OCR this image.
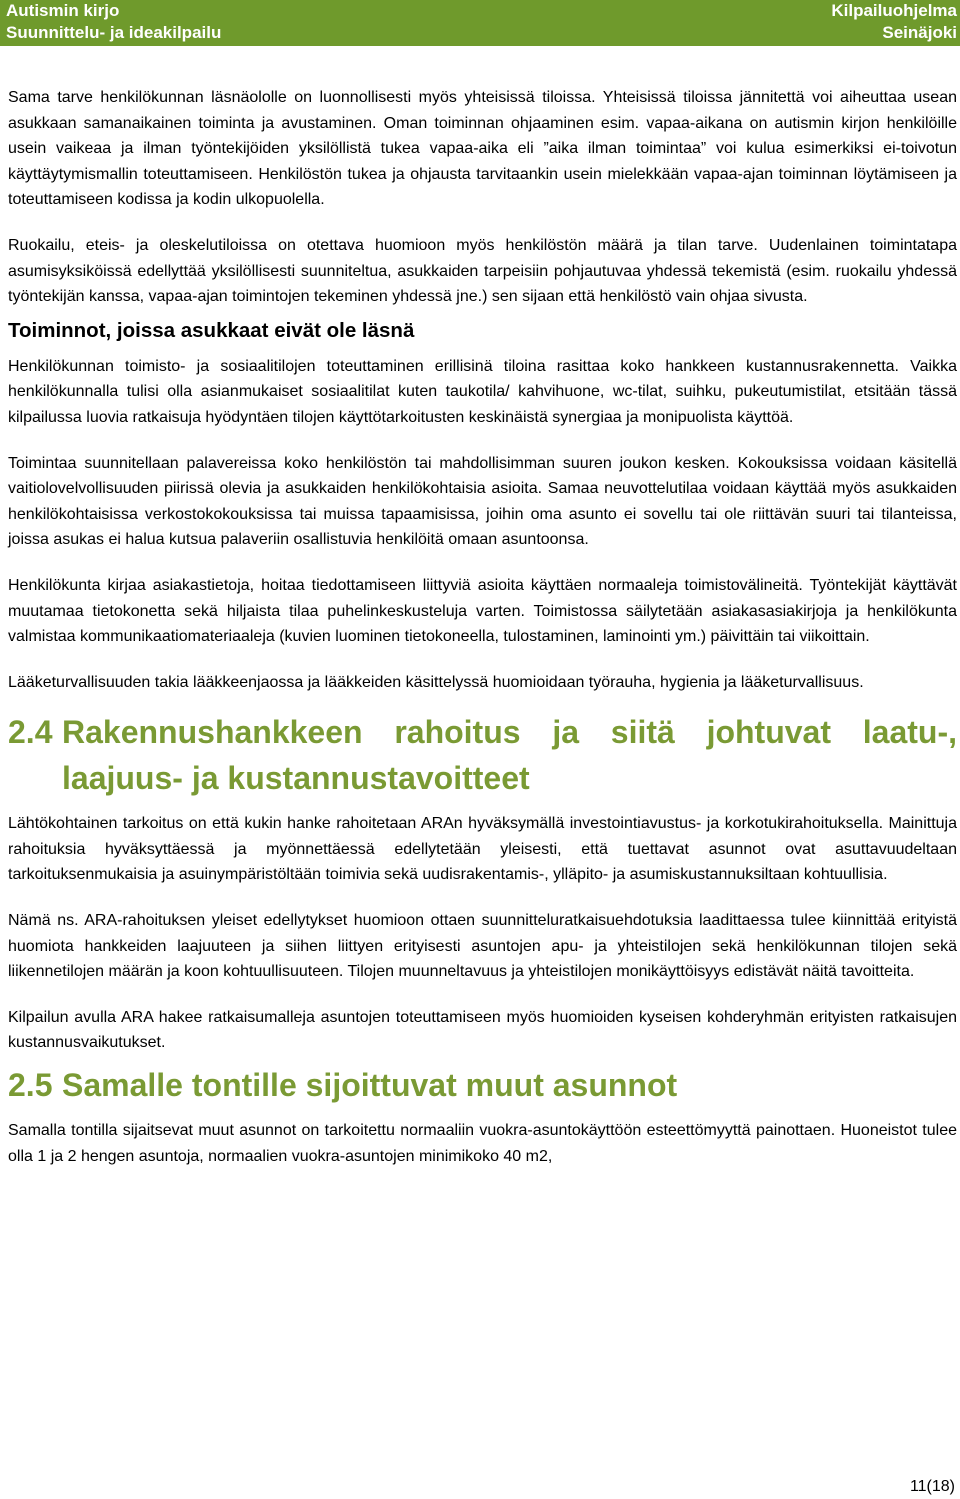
Autismin kirjo
Suunnittelu- ja ideakilpailu
Kilpailuohjelma
Seinäjoki

Sama tarve henkilökunnan läsnäololle on luonnollisesti myös yhteisissä tiloissa. Yhteisissä tiloissa jännitettä voi aiheuttaa usean asukkaan samanaikainen toiminta ja avustaminen. Oman toiminnan ohjaaminen esim. vapaa-aikana on autismin kirjon henkilöille usein vaikeaa ja ilman työntekijöiden yksilöllistä tukea vapaa-aika eli ”aika ilman toimintaa” voi kulua esimerkiksi ei-toivotun käyttäytymismallin toteuttamiseen. Henkilöstön tukea ja ohjausta tarvitaankin usein mielekkään vapaa-ajan toiminnan löytämiseen ja toteuttamiseen kodissa ja kodin ulkopuolella.

Ruokailu, eteis- ja oleskelutiloissa on otettava huomioon myös henkilöstön määrä ja tilan tarve. Uudenlainen toimintatapa asumisyksiköissä edellyttää yksilöllisesti suunniteltua, asukkaiden tarpeisiin pohjautuvaa yhdessä tekemistä (esim. ruokailu yhdessä työntekijän kanssa, vapaa-ajan toimintojen tekeminen yhdessä jne.) sen sijaan että henkilöstö vain ohjaa sivusta.

Toiminnot, joissa asukkaat eivät ole läsnä

Henkilökunnan toimisto- ja sosiaalitilojen toteuttaminen erillisinä tiloina rasittaa koko hankkeen kustannusrakennetta. Vaikka henkilökunnalla tulisi olla asianmukaiset sosiaalitilat kuten taukotila/ kahvihuone, wc-tilat, suihku, pukeutumistilat, etsitään tässä kilpailussa luovia ratkaisuja hyödyntäen tilojen käyttötarkoitusten keskinäistä synergiaa ja monipuolista käyttöä.

Toimintaa suunnitellaan palavereissa koko henkilöstön tai mahdollisimman suuren joukon kesken. Kokouksissa voidaan käsitellä vaitiolovelvollisuuden piirissä olevia ja asukkaiden henkilökohtaisia asioita. Samaa neuvottelutilaa voidaan käyttää myös asukkaiden henkilökohtaisissa verkostokokouksissa tai muissa tapaamisissa, joihin oma asunto ei sovellu tai ole riittävän suuri tai tilanteissa, joissa asukas ei halua kutsua palaveriin osallistuvia henkilöitä omaan asuntoonsa.

Henkilökunta kirjaa asiakastietoja, hoitaa tiedottamiseen liittyviä asioita käyttäen normaaleja toimistovälineitä. Työntekijät käyttävät muutamaa tietokonetta sekä hiljaista tilaa puhelinkeskusteluja varten. Toimistossa säilytetään asiakasasiakirjoja ja henkilökunta valmistaa kommunikaatiomateriaaleja (kuvien luominen tietokoneella, tulostaminen, laminointi ym.) päivittäin tai viikoittain.

Lääketurvallisuuden takia lääkkeenjaossa ja lääkkeiden käsittelyssä huomioidaan työrauha, hygienia ja lääketurvallisuus.

2.4 Rakennushankkeen rahoitus ja siitä johtuvat laatu-, laajuus- ja kustannustavoitteet

Lähtökohtainen tarkoitus on että kukin hanke rahoitetaan ARAn hyväksymällä investointiavustus- ja korkotukirahoituksella. Mainittuja rahoituksia hyväksyttäessä ja myönnettäessä edellytetään yleisesti, että tuettavat asunnot ovat asuttavuudeltaan tarkoituksenmukaisia ja asuinympäristöltään toimivia sekä uudisrakentamis-, ylläpito- ja asumiskustannuksiltaan kohtuullisia.

Nämä ns. ARA-rahoituksen yleiset edellytykset huomioon ottaen suunnitteluratkaisuehdotuksia laadittaessa tulee kiinnittää erityistä huomiota hankkeiden laajuuteen ja siihen liittyen erityisesti asuntojen apu- ja yhteistilojen sekä henkilökunnan tilojen sekä liikennetilojen määrän ja koon kohtuullisuuteen. Tilojen muunneltavuus ja yhteistilojen monikäyttöisyys edistävät näitä tavoitteita.

Kilpailun avulla ARA hakee ratkaisumalleja asuntojen toteuttamiseen myös huomioiden kyseisen kohderyhmän erityisten ratkaisujen kustannusvaikutukset.

2.5 Samalle tontille sijoittuvat muut asunnot

Samalla tontilla sijaitsevat muut asunnot on tarkoitettu normaaliin vuokra-asuntokäyttöön esteettömyyttä painottaen. Huoneistot tulee olla 1 ja 2 hengen asuntoja, normaalien vuokra-asuntojen minimikoko 40 m2,

11(18)
